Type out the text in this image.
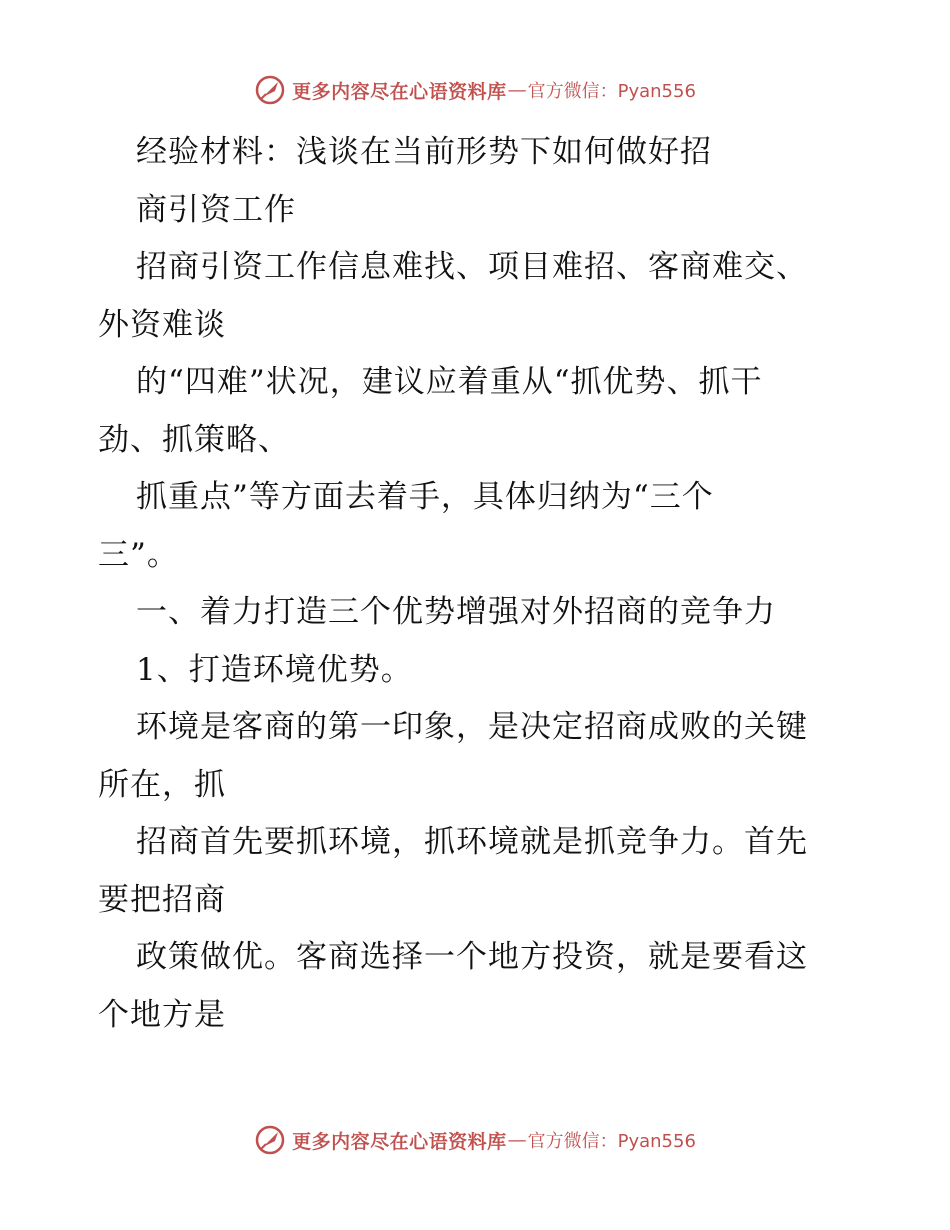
更多内容尽在心语资料库 — 官方微信：Pyan556
经验材料：浅谈在当前形势下如何做好招
商引资工作
招商引资工作信息难找、项目难招、客商难交、
外资难谈
的“四难”状况，建议应着重从“抓优势、抓干
劲、抓策略、
抓重点”等方面去着手，具体归纳为“三个
三”。
一、着力打造三个优势增强对外招商的竞争力
1、打造环境优势。
环境是客商的第一印象，是决定招商成败的关键
所在，抓
招商首先要抓环境，抓环境就是抓竞争力。首先
要把招商
政策做优。客商选择一个地方投资，就是要看这
个地方是
更多内容尽在心语资料库 — 官方微信：Pyan556
